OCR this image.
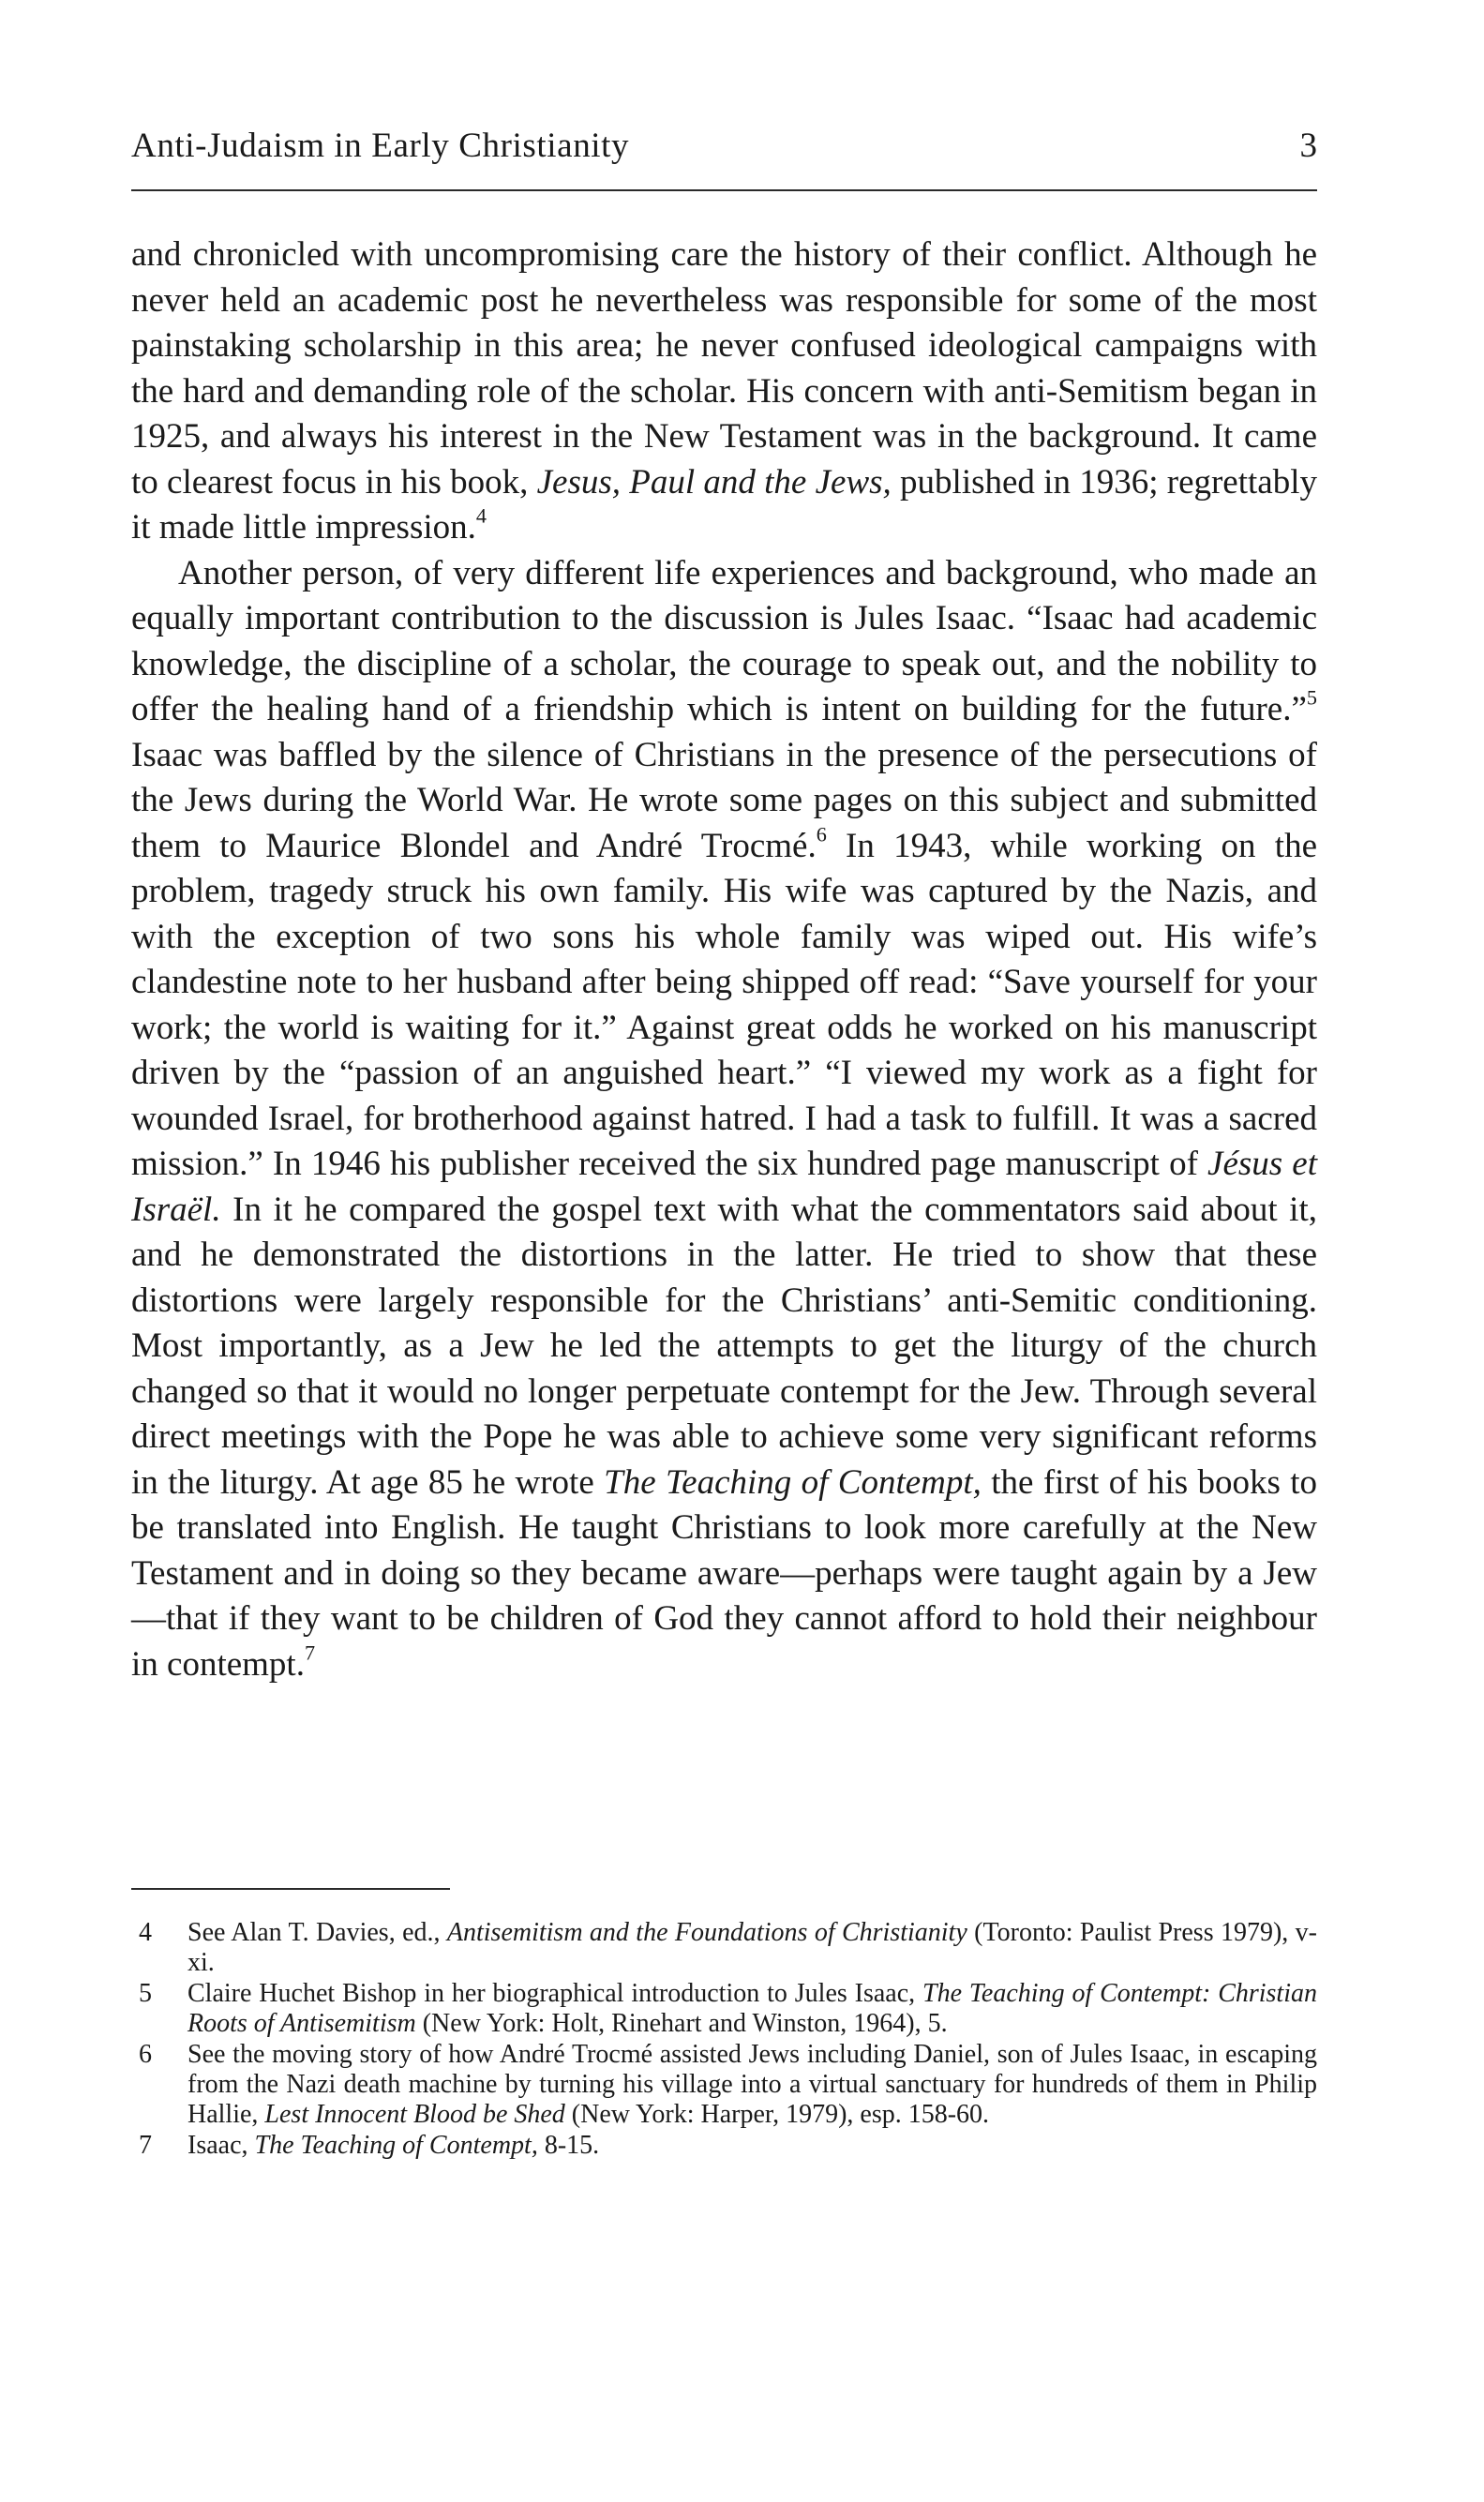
Anti-Judaism in Early Christianity	3

and chronicled with uncompromising care the history of their conflict. Although he never held an academic post he nevertheless was responsible for some of the most painstaking scholarship in this area; he never confused ideological campaigns with the hard and demanding role of the scholar. His concern with anti-Semitism began in 1925, and always his interest in the New Testament was in the background. It came to clearest focus in his book, Jesus, Paul and the Jews, published in 1936; regrettably it made little impression.$^4$

Another person, of very different life experiences and background, who made an equally important contribution to the discussion is Jules Isaac. “Isaac had academic knowledge, the discipline of a scholar, the courage to speak out, and the nobility to offer the healing hand of a friendship which is intent on building for the future.”$^5$ Isaac was baffled by the silence of Christians in the presence of the persecutions of the Jews during the World War. He wrote some pages on this subject and submitted them to Maurice Blondel and André Trocmé.$^6$ In 1943, while working on the problem, tragedy struck his own family. His wife was captured by the Nazis, and with the exception of two sons his whole family was wiped out. His wife’s clandestine note to her husband after being shipped off read: “Save yourself for your work; the world is waiting for it.” Against great odds he worked on his manuscript driven by the “passion of an anguished heart.” “I viewed my work as a fight for wounded Israel, for brotherhood against hatred. I had a task to fulfill. It was a sacred mission.” In 1946 his publisher received the six hundred page manuscript of Jésus et Israël. In it he compared the gospel text with what the commentators said about it, and he demonstrated the distortions in the latter. He tried to show that these distortions were largely responsible for the Christians’ anti-Semitic conditioning. Most importantly, as a Jew he led the attempts to get the liturgy of the church changed so that it would no longer perpetuate contempt for the Jew. Through several direct meetings with the Pope he was able to achieve some very significant reforms in the liturgy. At age 85 he wrote The Teaching of Contempt, the first of his books to be translated into English. He taught Christians to look more carefully at the New Testament and in doing so they became aware—perhaps were taught again by a Jew—that if they want to be children of God they cannot afford to hold their neighbour in contempt.$^7$

4 See Alan T. Davies, ed., Antisemitism and the Foundations of Christianity (Toronto: Paulist Press 1979), v-xi.
5 Claire Huchet Bishop in her biographical introduction to Jules Isaac, The Teaching of Contempt: Christian Roots of Antisemitism (New York: Holt, Rinehart and Winston, 1964), 5.
6 See the moving story of how André Trocmé assisted Jews including Daniel, son of Jules Isaac, in escaping from the Nazi death machine by turning his village into a virtual sanctuary for hundreds of them in Philip Hallie, Lest Innocent Blood be Shed (New York: Harper, 1979), esp. 158-60.
7 Isaac, The Teaching of Contempt, 8-15.
